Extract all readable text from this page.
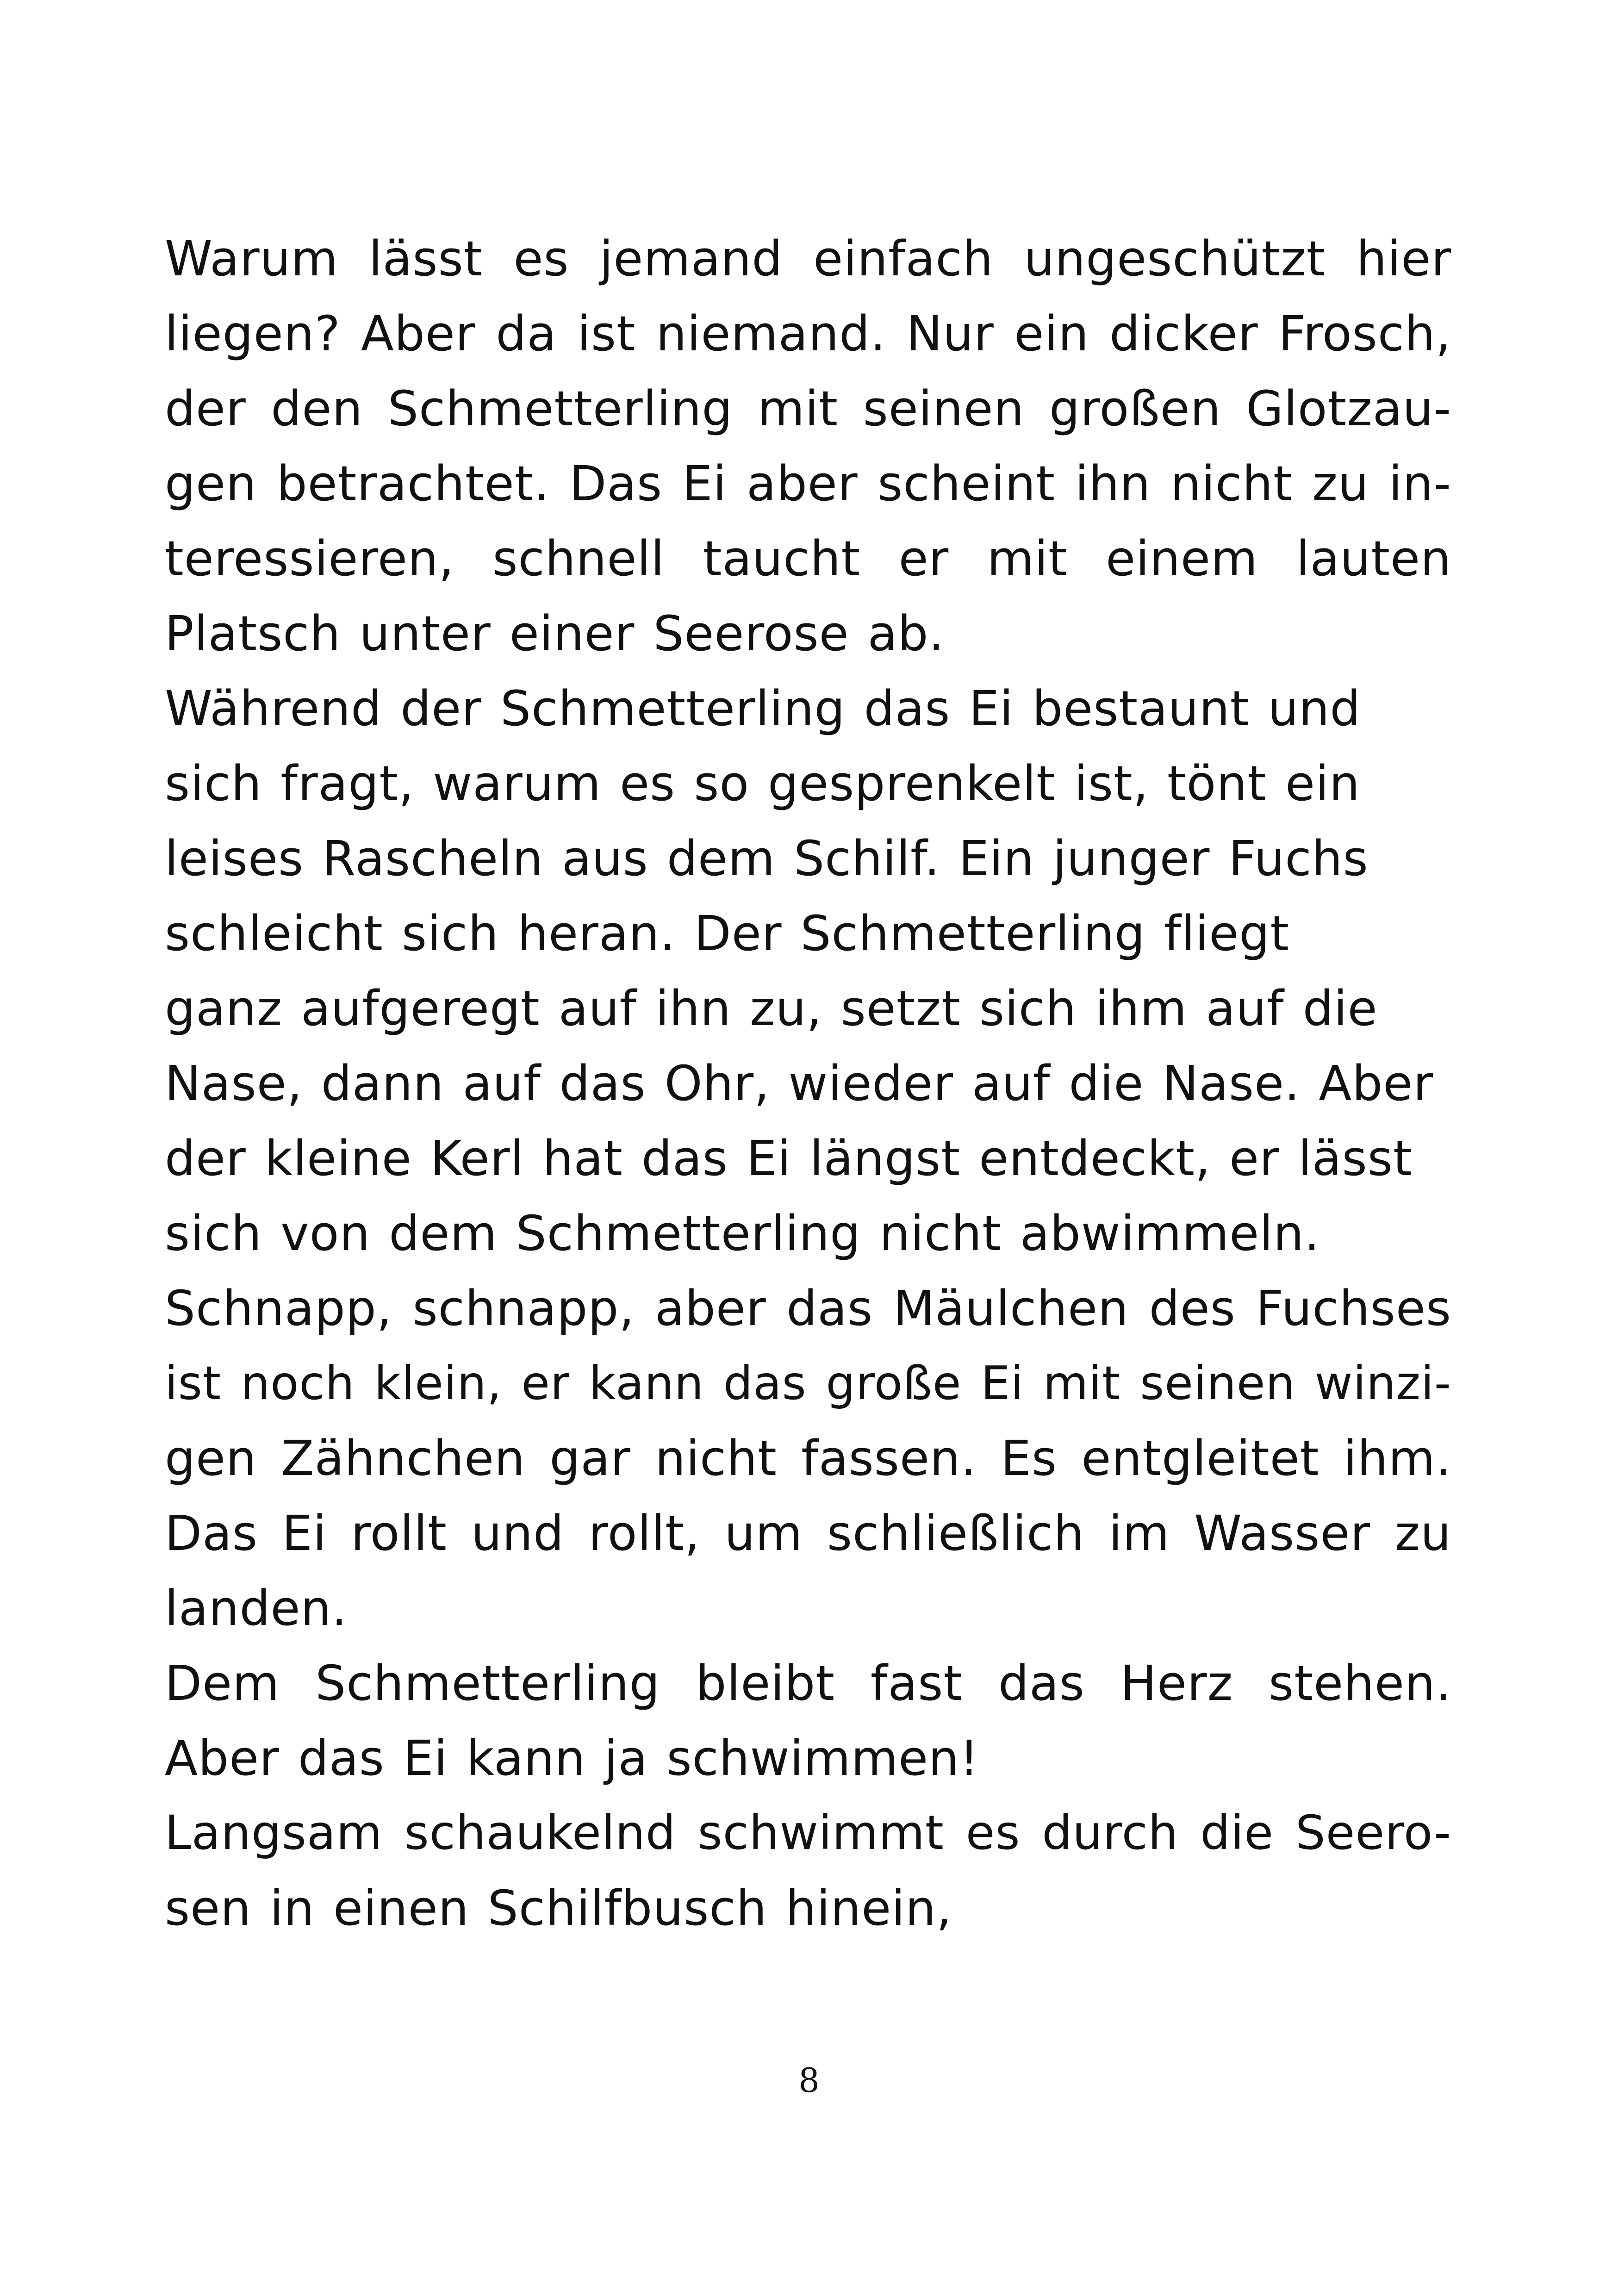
Warum lässt es jemand einfach ungeschützt hier
liegen? Aber da ist niemand. Nur ein dicker Frosch,
der den Schmetterling mit seinen großen Glotzau-
gen betrachtet. Das Ei aber scheint ihn nicht zu in-
teressieren, schnell taucht er mit einem lauten
Platsch unter einer Seerose ab.
Während der Schmetterling das Ei bestaunt und
sich fragt, warum es so gesprenkelt ist, tönt ein
leises Rascheln aus dem Schilf. Ein junger Fuchs
schleicht sich heran. Der Schmetterling fliegt
ganz aufgeregt auf ihn zu, setzt sich ihm auf die
Nase, dann auf das Ohr, wieder auf die Nase. Aber
der kleine Kerl hat das Ei längst entdeckt, er lässt
sich von dem Schmetterling nicht abwimmeln.
Schnapp, schnapp, aber das Mäulchen des Fuchses
ist noch klein, er kann das große Ei mit seinen winzi-
gen Zähnchen gar nicht fassen. Es entgleitet ihm.
Das Ei rollt und rollt, um schließlich im Wasser zu
landen.
Dem Schmetterling bleibt fast das Herz stehen.
Aber das Ei kann ja schwimmen!
Langsam schaukelnd schwimmt es durch die Seero-
sen in einen Schilfbusch hinein,
8
